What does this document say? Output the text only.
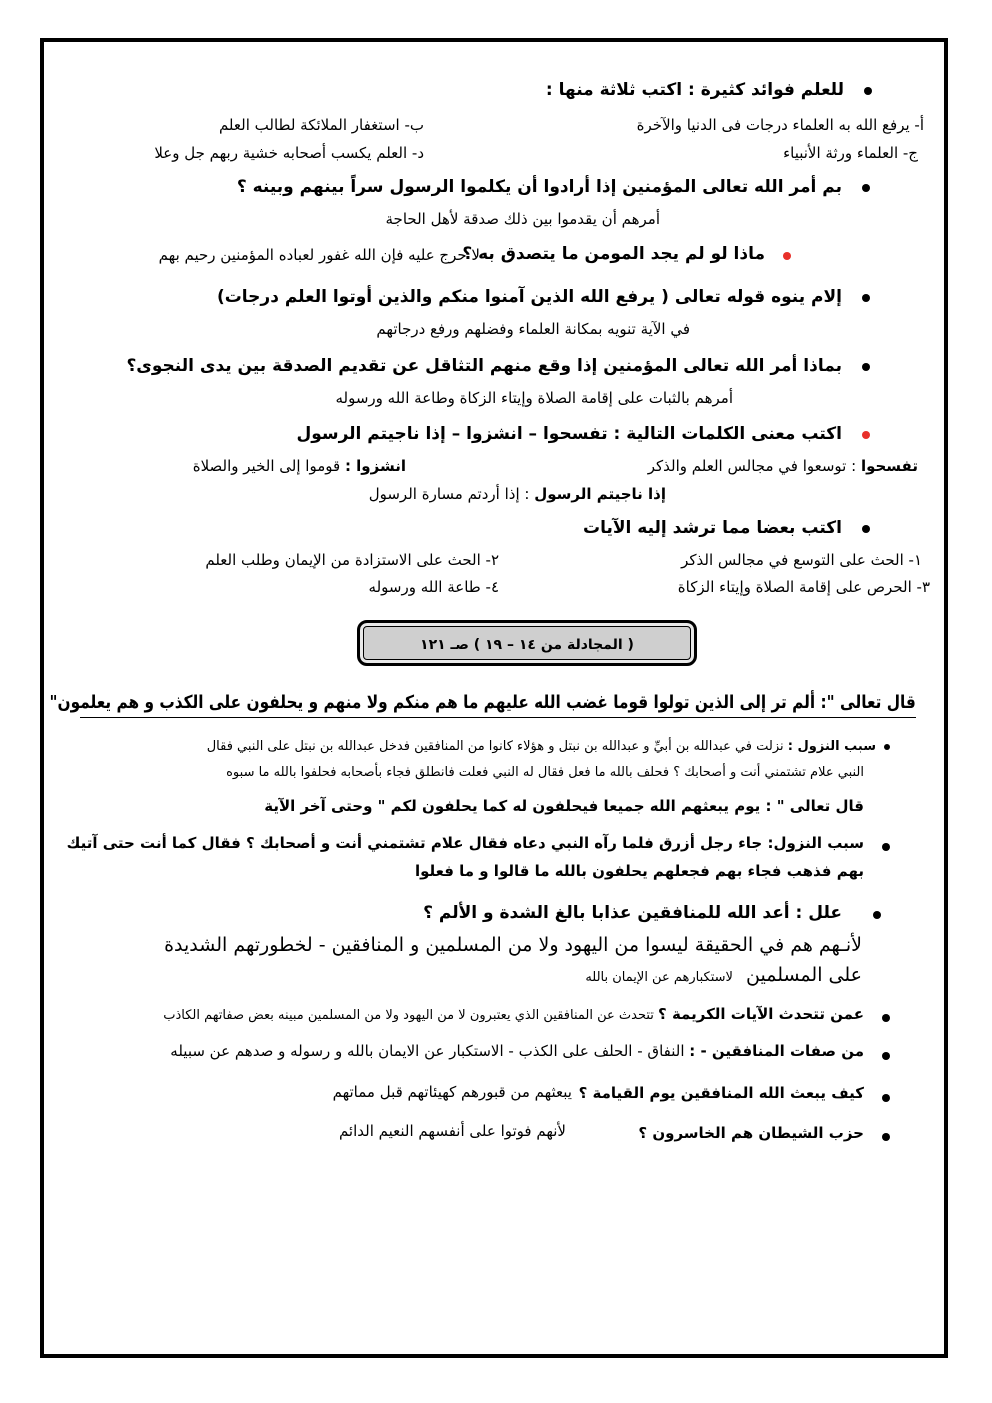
للعلم فوائد كثيرة : اكتب ثلاثة منها :
أ- يرفع الله به العلماء درجات فى الدنيا والآخرة
ب- استغفار الملائكة لطالب العلم
ج- العلماء ورثة الأنبياء
د- العلم يكسب أصحابه خشية ربهم جل وعلا
بم أمر الله تعالى المؤمنين إذا أرادوا أن يكلموا الرسول سراً بينهم وبينه ؟
أمرهم أن يقدموا بين ذلك صدقة لأهل الحاجة
ماذا لو لم يجد المومن ما يتصدق به ؟
لا حرج عليه فإن الله غفور لعباده المؤمنين رحيم بهم
إلام ينوه قوله تعالى ( يرفع الله الذين آمنوا منكم والذين أوتوا العلم درجات)
في الآية تنويه بمكانة العلماء وفضلهم ورفع درجاتهم
بماذا أمر الله تعالى المؤمنين إذا وقع منهم التثاقل عن تقديم الصدقة بين يدى النجوى؟
أمرهم بالثبات على إقامة الصلاة وإيتاء الزكاة وطاعة الله ورسوله
اكتب معنى الكلمات التالية : تفسحوا – انشزوا – إذا ناجيتم الرسول
تفسحوا : توسعوا في مجالس العلم والذكر
انشزوا : قوموا إلى الخير والصلاة
إذا ناجيتم الرسول : إذا أردتم مسارة الرسول
اكتب بعضا مما ترشد إليه الآيات
١- الحث على التوسع في مجالس الذكر
٢- الحث على الاستزادة من الإيمان وطلب العلم
٣- الحرص على إقامة الصلاة وإيتاء الزكاة
٤- طاعة الله ورسوله
( المجادلة من ١٤ – ١٩ ) صـ ١٢١
قال تعالى ": ألم تر إلى الذين تولوا قوما غضب الله عليهم ما هم منكم ولا منهم و يحلفون على الكذب و هم يعلمون"
سبب النزول : نزلت في عبدالله بن أبيِّ و عبدالله بن نبتل و هؤلاء كانوا من المنافقين فدخل عبدالله بن نبتل على النبي فقال
النبي علام تشتمني أنت و أصحابك ؟ فحلف بالله ما فعل فقال له النبي فعلت فانطلق فجاء بأصحابه فحلفوا بالله ما سبوه
قال تعالى " : يوم يبعثهم الله جميعا فيحلفون له كما يحلفون لكم " وحتى آخر الآية
سبب النزول: جاء رجل أزرق فلما رآه النبي دعاه فقال علام تشتمني أنت و أصحابك ؟ فقال كما أنت حتى آتيك
بهم فذهب فجاء بهم فجعلهم يحلفون بالله ما قالوا و ما فعلوا
علل : أعد الله للمنافقين عذابا بالغ الشدة و الألم ؟
لأنـهم هم في الحقيقة ليسوا من اليهود ولا من المسلمين و المنافقين - لخطورتهم الشديدة
على المسلمين لاستكبارهم عن الإيمان بالله
عمن تتحدث الآيات الكريمة ؟ تتحدث عن المنافقين الذي يعتبرون لا من اليهود ولا من المسلمين مبينه بعض صفاتهم الكاذب
من صفات المنافقين - : النفاق - الحلف على الكذب - الاستكبار عن الايمان بالله و رسوله و صدهم عن سبيله
كيف يبعث الله المنافقين يوم القيامة ؟
يبعثهم من قبورهم كهيئاتهم قبل مماتهم
حزب الشيطان هم الخاسرون ؟
لأنهم فوتوا على أنفسهم النعيم الدائم
